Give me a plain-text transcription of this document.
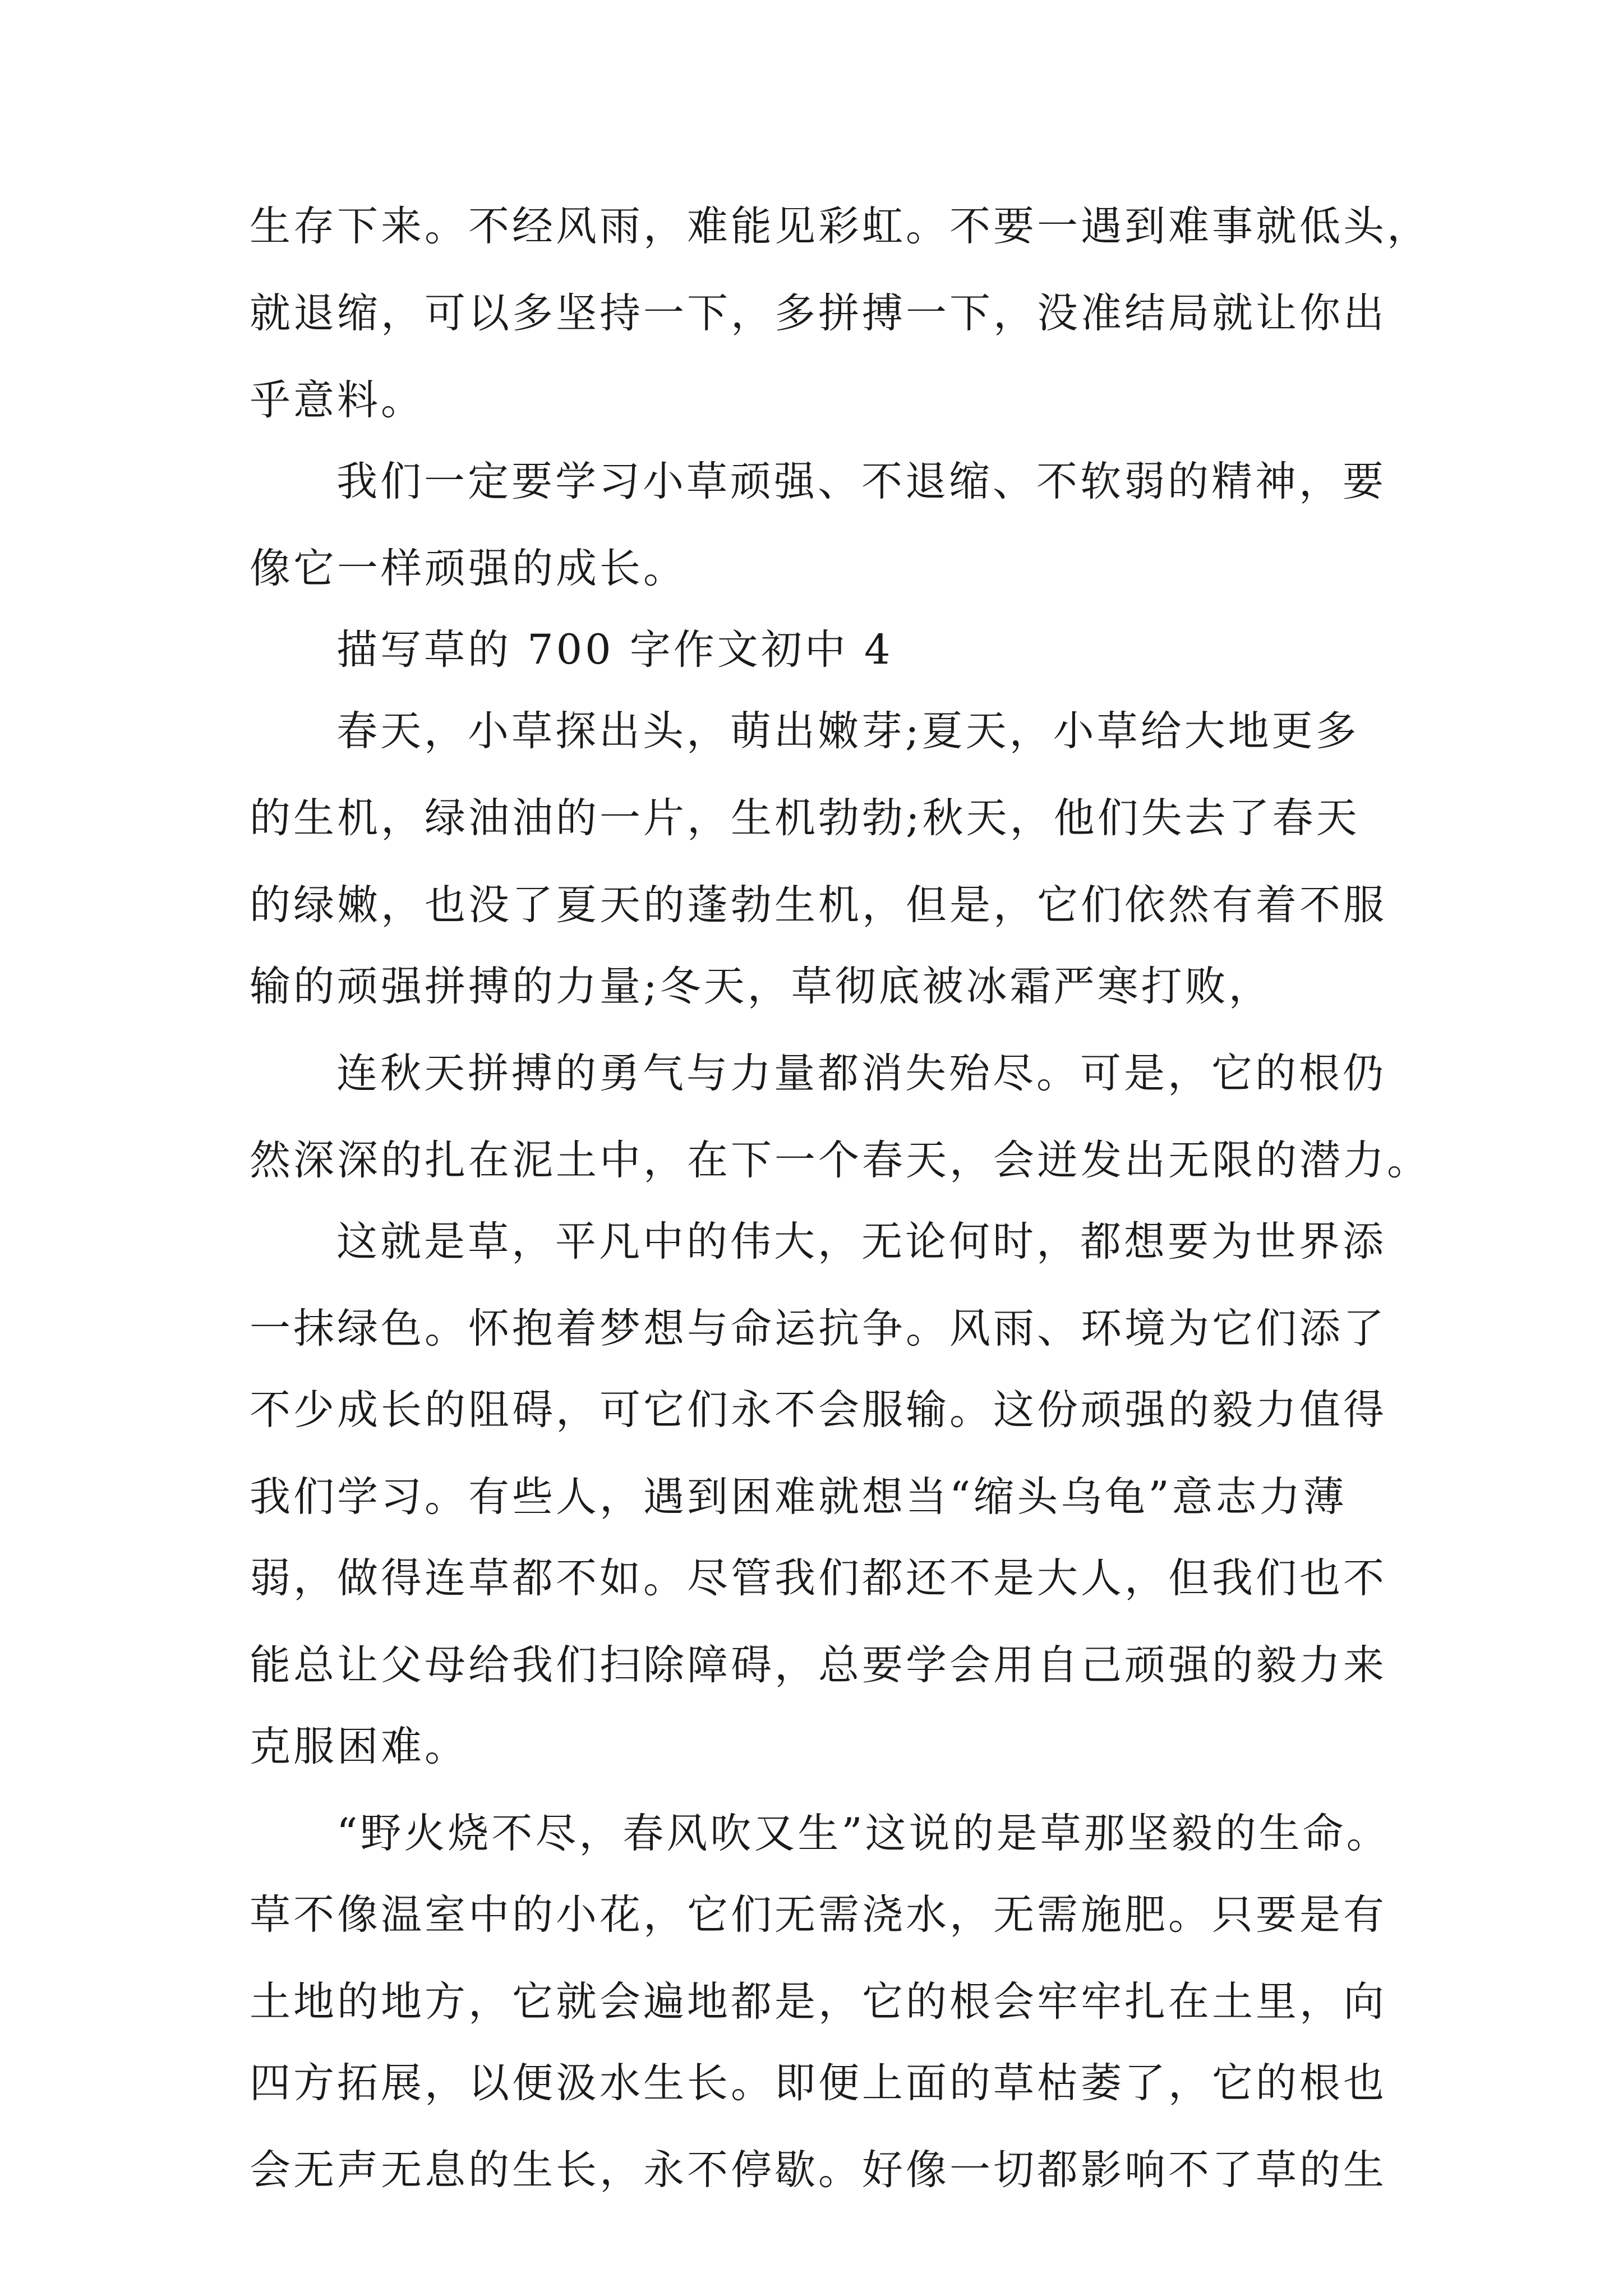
生存下来。不经风雨，难能见彩虹。不要一遇到难事就低头，
就退缩，可以多坚持一下，多拼搏一下，没准结局就让你出
乎意料。
我们一定要学习小草顽强、不退缩、不软弱的精神，要
像它一样顽强的成长。
描写草的 700 字作文初中 4
春天，小草探出头，萌出嫩芽;夏天，小草给大地更多
的生机，绿油油的一片，生机勃勃;秋天，他们失去了春天
的绿嫩，也没了夏天的蓬勃生机，但是，它们依然有着不服
输的顽强拼搏的力量;冬天，草彻底被冰霜严寒打败，
连秋天拼搏的勇气与力量都消失殆尽。可是，它的根仍
然深深的扎在泥土中，在下一个春天，会迸发出无限的潜力。
这就是草，平凡中的伟大，无论何时，都想要为世界添
一抹绿色。怀抱着梦想与命运抗争。风雨、环境为它们添了
不少成长的阻碍，可它们永不会服输。这份顽强的毅力值得
我们学习。有些人，遇到困难就想当“缩头乌龟”意志力薄
弱，做得连草都不如。尽管我们都还不是大人，但我们也不
能总让父母给我们扫除障碍，总要学会用自己顽强的毅力来
克服困难。
“野火烧不尽，春风吹又生”这说的是草那坚毅的生命。
草不像温室中的小花，它们无需浇水，无需施肥。只要是有
土地的地方，它就会遍地都是，它的根会牢牢扎在土里，向
四方拓展，以便汲水生长。即便上面的草枯萎了，它的根也
会无声无息的生长，永不停歇。好像一切都影响不了草的生
